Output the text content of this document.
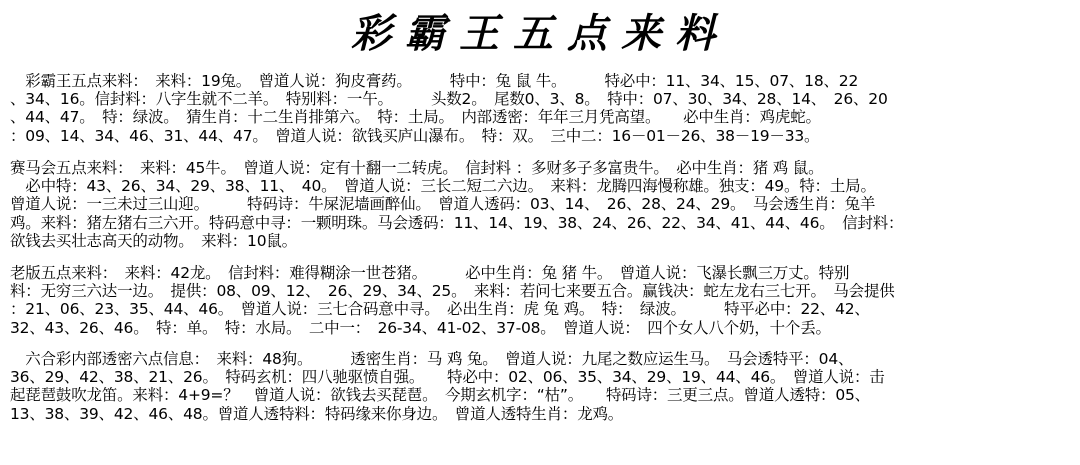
彩霸王五点来料
　彩霸王五点来料：　来料：19兔。　曾道人说：狗皮膏药。　　　特中：兔 鼠 牛。　　　特必中：11、34、15、07、18、22
、34、16。信封料：八字生就不二羊。　特别料：一午。　　　头数2。　尾数0、3、8。　特中：07、30、34、28、14、　26、20
、44、47。　特：绿波。　猜生肖：十二生肖排第六。　特：土局。　内部透密：年年三月凭高望。　　必中生肖：鸡虎蛇。
：09、14、34、46、31、44、47。　曾道人说：欲钱买庐山瀑布。　特：双。　三中二：16－01－26、38－19－33。
赛马会五点来料：　来料：45牛。　曾道人说：定有十翻一二转虎。　信封料 ：多财多子多富贵牛。　必中生肖：猪 鸡 鼠。
　必中特：43、26、34、29、38、11、　40。　曾道人说：三长二短二六边。　来料：龙腾四海慢称雄。独支：49。特：土局。
曾道人说：一三未过三山迎。　　　特码诗：牛屎泥墙画醉仙。　曾道人透码：03、14、　26、28、24、29。　马会透生肖：兔羊
鸡。来料：猪左猪右三六开。特码意中寻：一颗明珠。马会透码：11、14、19、38、24、26、22、34、41、44、46。　信封料：
欲钱去买壮志高天的动物。　来料：10鼠。
老版五点来料：　来料：42龙。　信封料：难得糊涂一世苍猪。　　　必中生肖：兔 猪 牛。　曾道人说：飞瀑长飘三万丈。特别
料：无穷三六达一边。　提供：08、09、12、　26、29、34、25。　来料：若问七来要五合。赢钱决：蛇左龙右三七开。　马会提供
：21、06、23、35、44、46。　曾道人说：三七合码意中寻。　必出生肖：虎 兔 鸡。　特：　绿波。　　　特平必中：22、42、
32、43、26、46。　特：单。　特：水局。　二中一：　26-34、41-02、37-08。　曾道人说：　四个女人八个奶，十个丢。
　六合彩内部透密六点信息：　来料：48狗。　　　透密生肖：马 鸡 兔。　曾道人说：九尾之数应运生马。　马会透特平：04、
36、29、42、38、21、26。　特码玄机：四八驰驱愤自强。　　特必中：02、06、35、34、29、19、44、46。　曾道人说：击
起琵琶鼓吹龙笛。来料：4+9=？　曾道人说：欲钱去买琵琶。　今期玄机字：“枯”。　　特码诗：三更三点。曾道人透特：05、
13、38、39、42、46、48。曾道人透特料：特码缘来你身边。　曾道人透特生肖：龙鸡。
